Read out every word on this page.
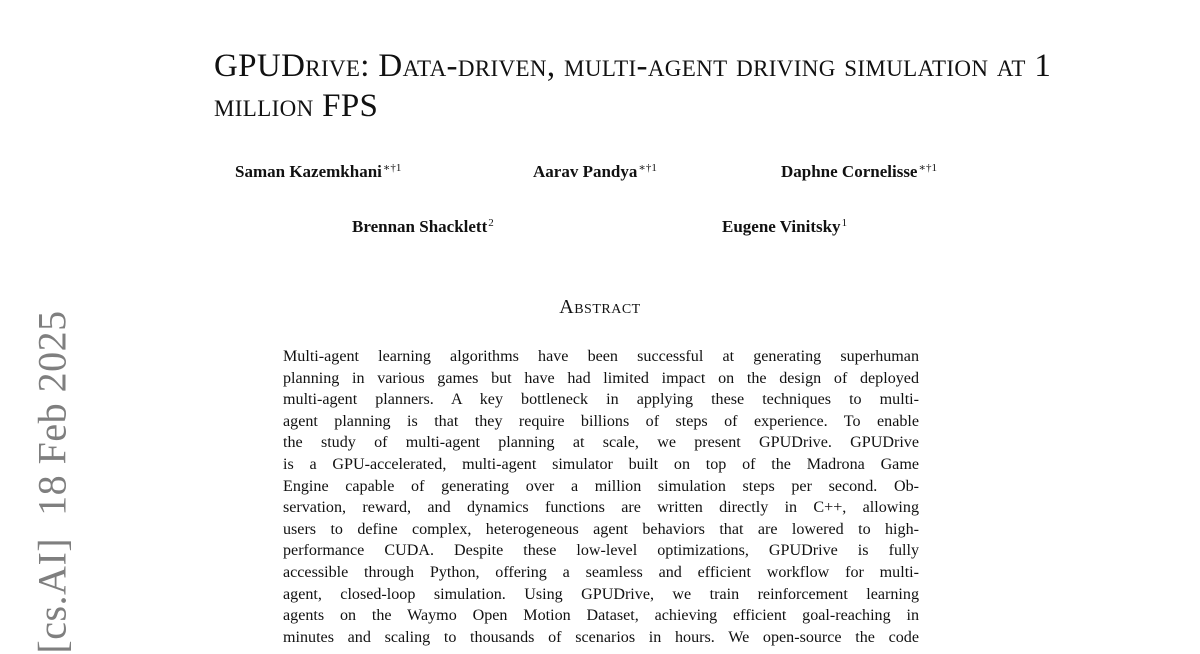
GPUDrive: Data-driven, multi-agent driving simulation at 1 million FPS
Saman Kazemkhani$^{∗\dagger 1}$	Aarav Pandya$^{∗\dagger 1}$	Daphne Cornelisse$^{∗\dagger 1}$
Brennan Shacklett$^2$	Eugene Vinitsky$^1$
Abstract
Multi-agent learning algorithms have been successful at generating superhuman
planning in various games but have had limited impact on the design of deployed
multi-agent planners. A key bottleneck in applying these techniques to multi-
agent planning is that they require billions of steps of experience. To enable
the study of multi-agent planning at scale, we present GPUDrive. GPUDrive
is a GPU-accelerated, multi-agent simulator built on top of the Madrona Game
Engine capable of generating over a million simulation steps per second. Ob-
servation, reward, and dynamics functions are written directly in C++, allowing
users to define complex, heterogeneous agent behaviors that are lowered to high-
performance CUDA. Despite these low-level optimizations, GPUDrive is fully
accessible through Python, offering a seamless and efficient workflow for multi-
agent, closed-loop simulation. Using GPUDrive, we train reinforcement learning
agents on the Waymo Open Motion Dataset, achieving efficient goal-reaching in
minutes and scaling to thousands of scenarios in hours. We open-source the code
[cs.AI]18 Feb 2025
